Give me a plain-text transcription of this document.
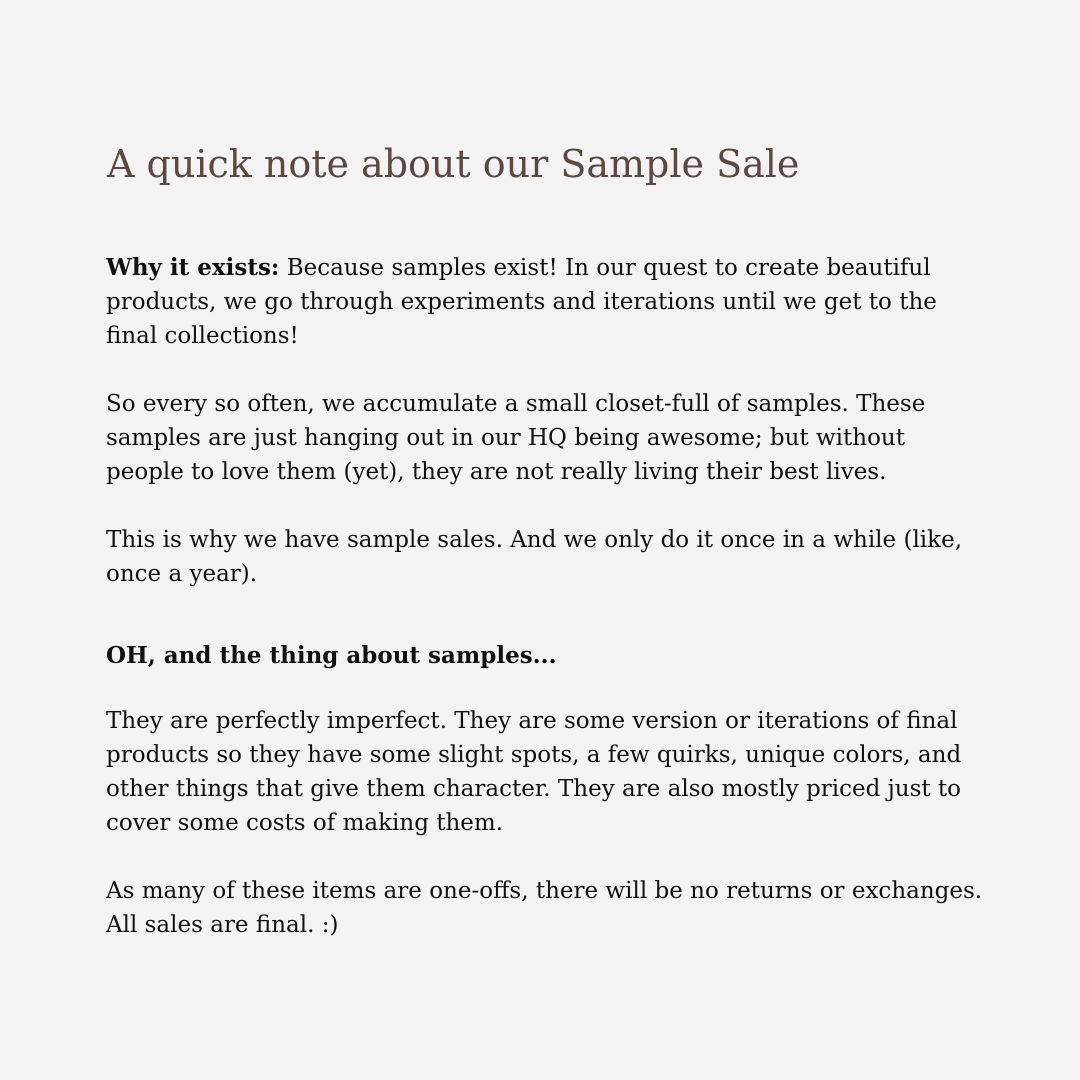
A quick note about our Sample Sale

Why it exists: Because samples exist! In our quest to create beautiful products, we go through experiments and iterations until we get to the final collections!

So every so often, we accumulate a small closet-full of samples. These samples are just hanging out in our HQ being awesome; but without people to love them (yet), they are not really living their best lives.

This is why we have sample sales. And we only do it once in a while (like, once a year).

OH, and the thing about samples...

They are perfectly imperfect. They are some version or iterations of final products so they have some slight spots, a few quirks, unique colors, and other things that give them character. They are also mostly priced just to cover some costs of making them.

As many of these items are one-offs, there will be no returns or exchanges. All sales are final. :)
